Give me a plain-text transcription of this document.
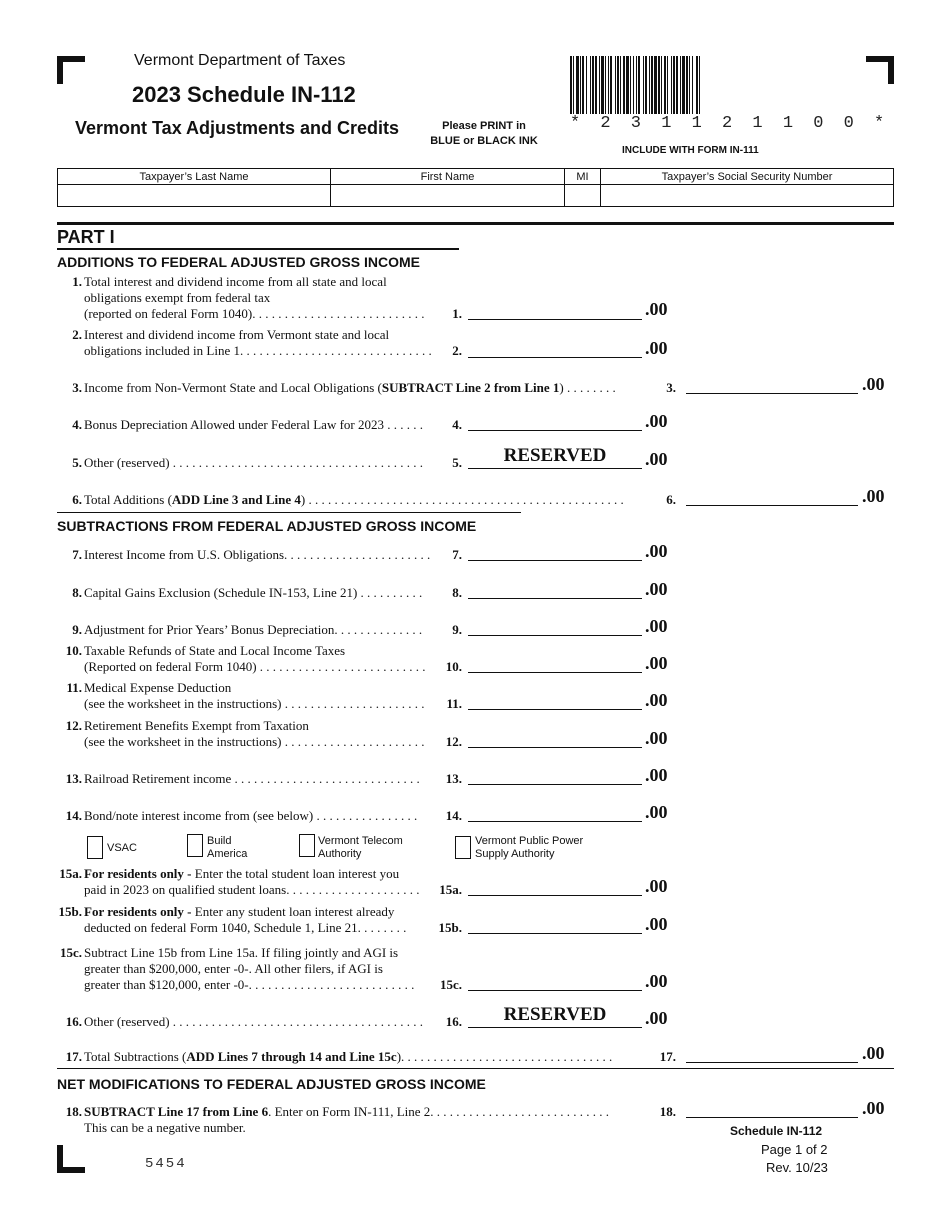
Vermont Department of Taxes
2023 Schedule IN-112
Vermont Tax Adjustments and Credits	Please PRINT in
BLUE or BLACK INK
* 2 3 1 1 2 1 1 0 0 *
INCLUDE WITH FORM IN-111
Taxpayer’s Last Name	First Name	MI	Taxpayer’s Social Security Number

PART I
ADDITIONS TO FEDERAL ADJUSTED GROSS INCOME
1. Total interest and dividend income from all state and local
obligations exempt from federal tax
(reported on federal Form 1040). . . . . . . . . . . . . . . . . . . . . . . . . . .	1.	.00
2. Interest and dividend income from Vermont state and local
obligations included in Line 1. . . . . . . . . . . . . . . . . . . . . . . . . . . . . .	2.	.00
3. Income from Non-Vermont State and Local Obligations (SUBTRACT Line 2 from Line 1) . . . . . . . .	3.	.00
4. Bonus Depreciation Allowed under Federal Law for 2023 . . . . . .	4.	.00
5. Other (reserved) . . . . . . . . . . . . . . . . . . . . . . . . . . . . . . . . . . . . . . .	5.	RESERVED	.00
6. Total Additions (ADD Line 3 and Line 4) . . . . . . . . . . . . . . . . . . . . . . . . . . . . . . . . . . . . . . . . . . . . . . . . .	6.	.00
SUBTRACTIONS FROM FEDERAL ADJUSTED GROSS INCOME
7. Interest Income from U.S. Obligations. . . . . . . . . . . . . . . . . . . . . . .	7.	.00
8. Capital Gains Exclusion (Schedule IN-153, Line 21) . . . . . . . . . .	8.	.00
9. Adjustment for Prior Years’ Bonus Depreciation. . . . . . . . . . . . . .	9.	.00
10. Taxable Refunds of State and Local Income Taxes
(Reported on federal Form 1040) . . . . . . . . . . . . . . . . . . . . . . . . . .	10.	.00
11. Medical Expense Deduction
(see the worksheet in the instructions) . . . . . . . . . . . . . . . . . . . . . .	11.	.00
12. Retirement Benefits Exempt from Taxation
(see the worksheet in the instructions) . . . . . . . . . . . . . . . . . . . . . .	12.	.00
13. Railroad Retirement income . . . . . . . . . . . . . . . . . . . . . . . . . . . . .	13.	.00
14. Bond/note interest income from (see below) . . . . . . . . . . . . . . . .	14.	.00
VSAC
Build
America
Vermont Telecom
Authority
Vermont Public Power
Supply Authority
15a. For residents only - Enter the total student loan interest you
paid in 2023 on qualified student loans. . . . . . . . . . . . . . . . . . . . .	15a.	.00
15b. For residents only - Enter any student loan interest already
deducted on federal Form 1040, Schedule 1, Line 21. . . . . . . .	15b.	.00
15c. Subtract Line 15b from Line 15a. If filing jointly and AGI is
greater than $200,000, enter -0-. All other filers, if AGI is
greater than $120,000, enter -0-. . . . . . . . . . . . . . . . . . . . . . . . . .	15c.	.00
16. Other (reserved) . . . . . . . . . . . . . . . . . . . . . . . . . . . . . . . . . . . . . . .	16.	RESERVED	.00
17. Total Subtractions (ADD Lines 7 through 14 and Line 15c). . . . . . . . . . . . . . . . . . . . . . . . . . . . . . . . .	17.	.00
NET MODIFICATIONS TO FEDERAL ADJUSTED GROSS INCOME
18. SUBTRACT Line 17 from Line 6. Enter on Form IN-111, Line 2. . . . . . . . . . . . . . . . . . . . . . . . . . . .
This can be a negative number.
18.	.00
Schedule IN-112
Page 1 of 2
Rev. 10/23
5454
